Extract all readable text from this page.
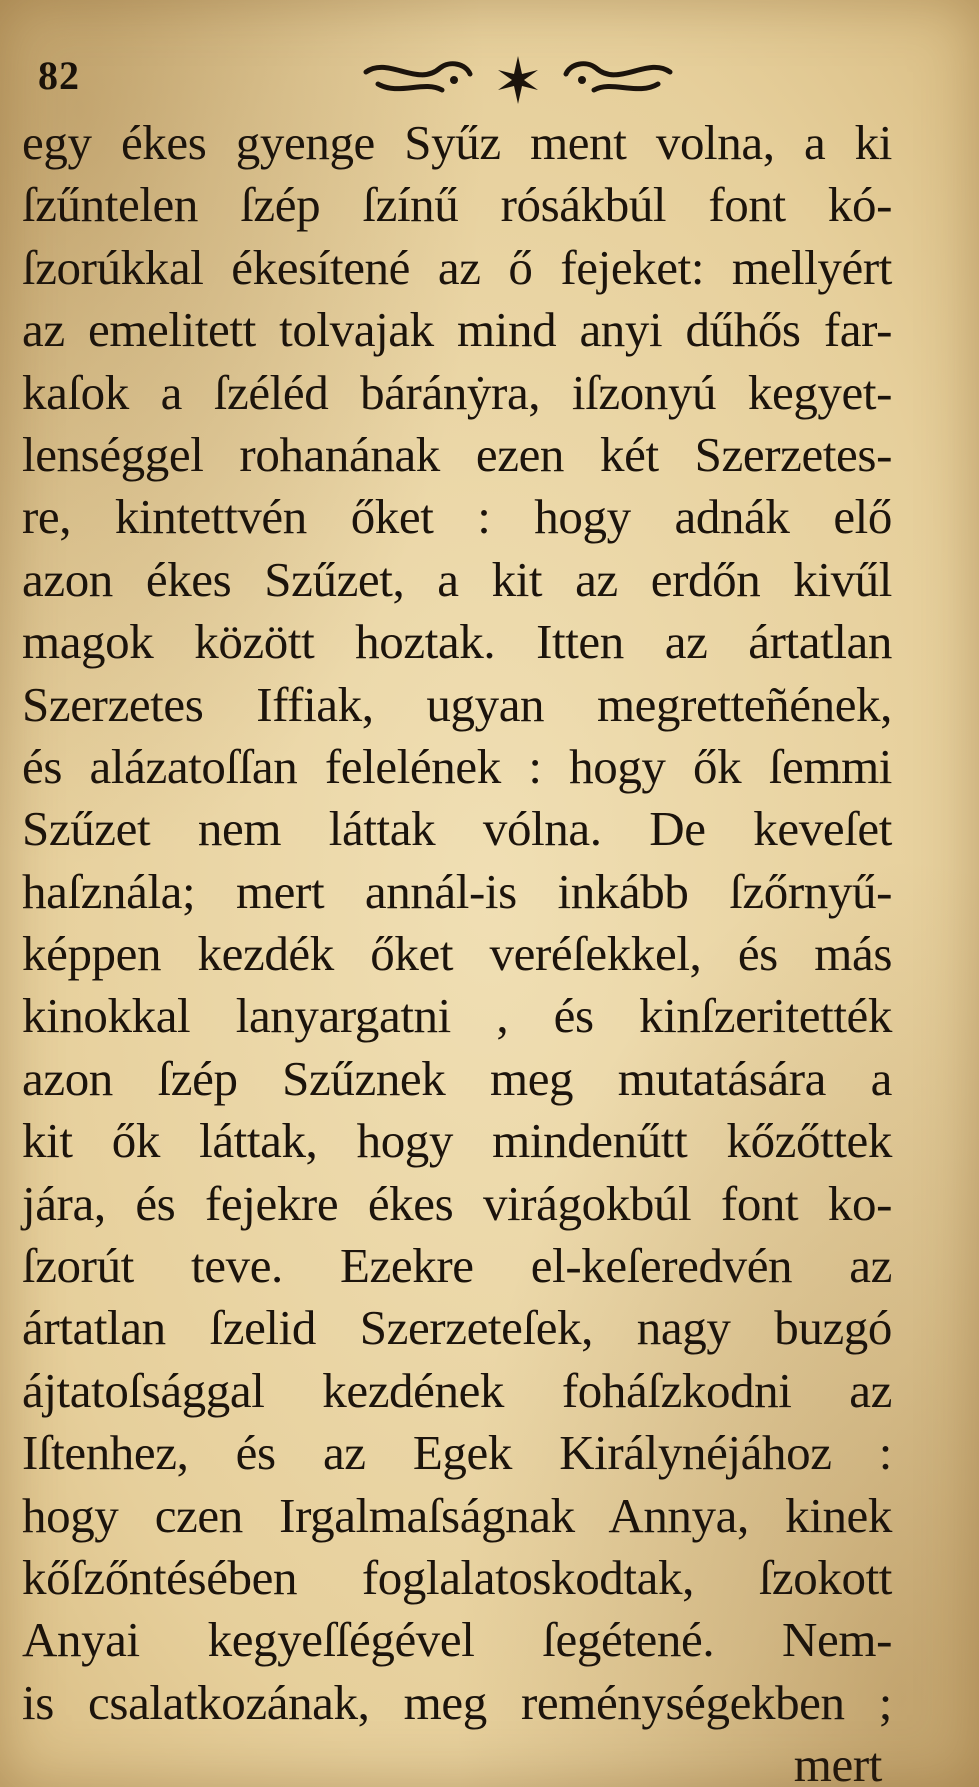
82
egy ékes gyenge Syűz ment volna, a ki
ſzűntelen ſzép ſzínű rósákbúl font kó-
ſzorúkkal ékesítené az ő fejeket: mellyért
az emelitett tolvajak mind anyi dűhős far-
kaſok a ſzéléd báránẏra, iſzonyú kegyet-
lenséggel rohanának ezen két Szerzetes-
re, kintettvén őket : hogy adnák elő
azon ékes Szűzet, a kit az erdőn kivűl
magok között hoztak. Itten az ártatlan
Szerzetes Iffiak, ugyan megretteñének,
és alázatoſſan felelének : hogy ők ſemmi
Szűzet nem láttak vólna. De keveſet
haſznála; mert annál-is inkább ſzőrnyű-
képpen kezdék őket veréſekkel, és más
kinokkal lanyargatni , és kinſzeritették
azon ſzép Szűznek meg mutatására a
kit ők láttak, hogy mindenűtt kőzőttek
jára, és fejekre ékes virágokbúl font ko-
ſzorút teve. Ezekre el-keſeredvén az
ártatlan ſzelid Szerzeteſek, nagy buzgó
ájtatoſsággal kezdének foháſzkodni az
Iſtenhez, és az Egek Királynéjához :
hogy czen Irgalmaſságnak Annya, kinek
kőſzőntésében foglalatoskodtak, ſzokott
Anyai kegyeſſégével ſegétené. Nem-
is csalatkozának, meg reménységekben ;
mert
